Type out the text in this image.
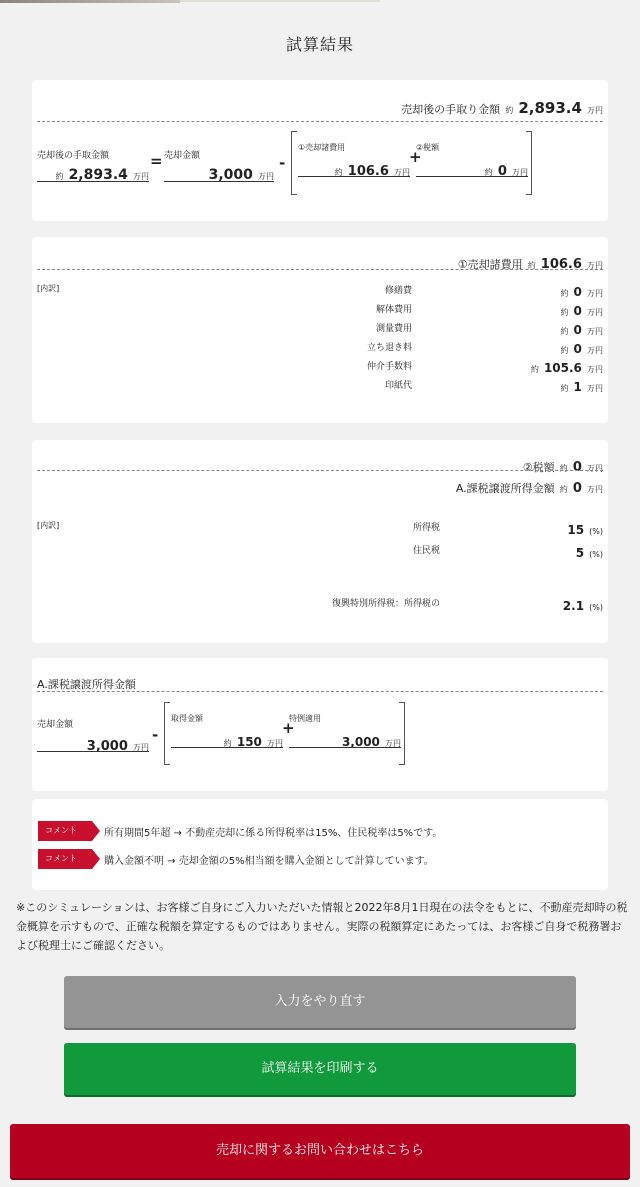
試算結果
売却後の手取り金額 約 2,893.4 万円
売却後の手取金額
約 2,893.4 万円
= 売却金額
3,000 万円
-
①売却諸費用
約 106.6 万円
+
②税額
約 0 万円
①売却諸費用 約 106.6 万円
[内訳]	修繕費	約 0 万円
解体費用	約 0 万円
測量費用	約 0 万円
立ち退き料	約 0 万円
仲介手数料	約 105.6 万円
印紙代	約 1 万円
②税額 約 0 万円
A.課税譲渡所得金額 約 0 万円
[内訳]	所得税	15 (%)
住民税	5 (%)
復興特別所得税：所得税の	2.1 (%)
A.課税譲渡所得金額
売却金額
3,000 万円
-
取得金額
約 150 万円
+
特例適用
3,000 万円
コメント	所有期間5年超 → 不動産売却に係る所得税率は15%、住民税率は5%です。
コメント	購入金額不明 → 売却金額の5%相当額を購入金額として計算しています。
※このシミュレーションは、お客様ご自身にご入力いただいた情報と2022年8月1日現在の法令をもとに、不動産売却時の税金概算を示すもので、正確な税額を算定するものではありません。実際の税額算定にあたっては、お客様ご自身で税務署および税理士にご確認ください。
入力をやり直す
試算結果を印刷する
売却に関するお問い合わせはこちら
